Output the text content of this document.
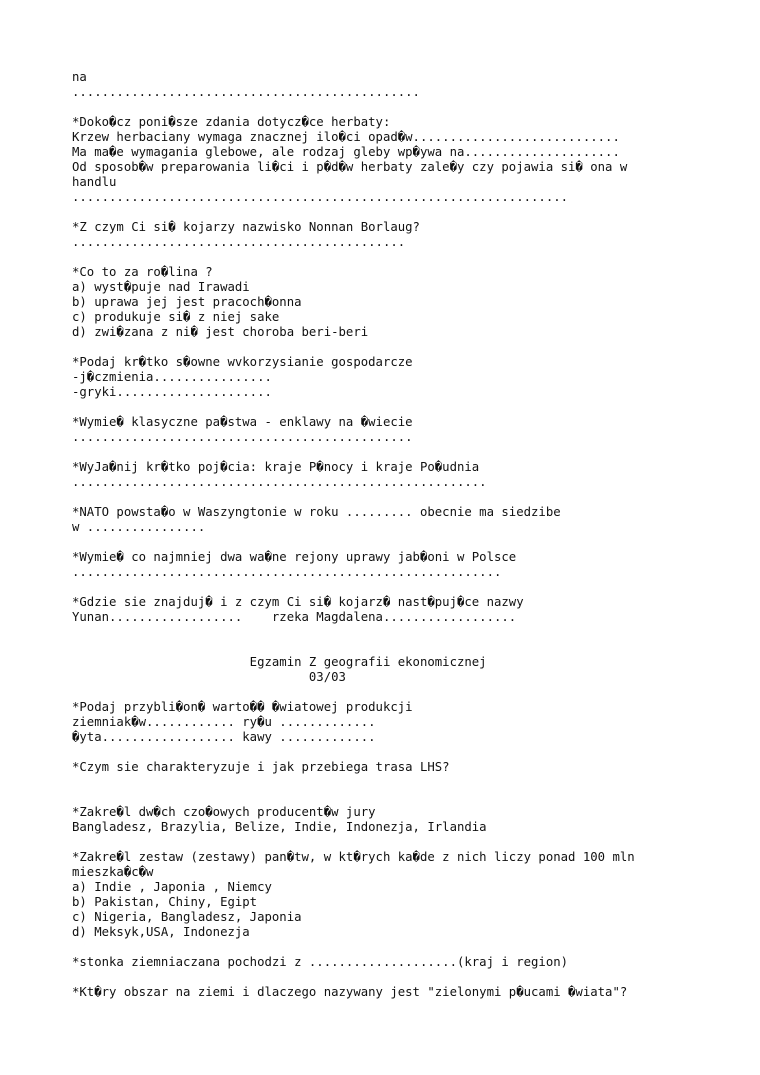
na
...............................................
*Doko�cz poni�sze zdania dotycz�ce herbaty:
Krzew herbaciany wymaga znacznej ilo�ci opad�w............................
Ma ma�e wymagania glebowe, ale rodzaj gleby wp�ywa na.....................
Od sposob�w preparowania li�ci i p�d�w herbaty zale�y czy pojawia si� ona w
handlu
...................................................................
*Z czym Ci si� kojarzy nazwisko Nonnan Borlaug?
.............................................
*Co to za ro�lina ?
a) wyst�puje nad Irawadi
b) uprawa jej jest pracoch�onna
c) produkuje si� z niej sake
d) zwi�zana z ni� jest choroba beri-beri
*Podaj kr�tko s�owne wvkorzysianie gospodarcze
-j�czmienia................
-gryki.....................
*Wymie� klasyczne pa�stwa - enklawy na �wiecie
..............................................
*WyJa�nij kr�tko poj�cia: kraje P�nocy i kraje Po�udnia
........................................................
*NATO powsta�o w Waszyngtonie w roku ......... obecnie ma siedzibe
w ................
*Wymie� co najmniej dwa wa�ne rejony uprawy jab�oni w Polsce
..........................................................
*Gdzie sie znajduj� i z czym Ci si� kojarz� nast�puj�ce nazwy
Yunan..................    rzeka Magdalena..................
Egzamin Z geografii ekonomicznej
03/03
*Podaj przybli�on� warto�� �wiatowej produkcji
ziemniak�w............ ry�u .............
�yta.................. kawy .............
*Czym sie charakteryzuje i jak przebiega trasa LHS?
*Zakre�l dw�ch czo�owych producent�w jury
Bangladesz, Brazylia, Belize, Indie, Indonezja, Irlandia
*Zakre�l zestaw (zestawy) pan�tw, w kt�rych ka�de z nich liczy ponad 100 mln
mieszka�c�w
a) Indie , Japonia , Niemcy
b) Pakistan, Chiny, Egipt
c) Nigeria, Bangladesz, Japonia
d) Meksyk,USA, Indonezja
*stonka ziemniaczana pochodzi z ....................(kraj i region)
*Kt�ry obszar na ziemi i dlaczego nazywany jest "zielonymi p�ucami �wiata"?
